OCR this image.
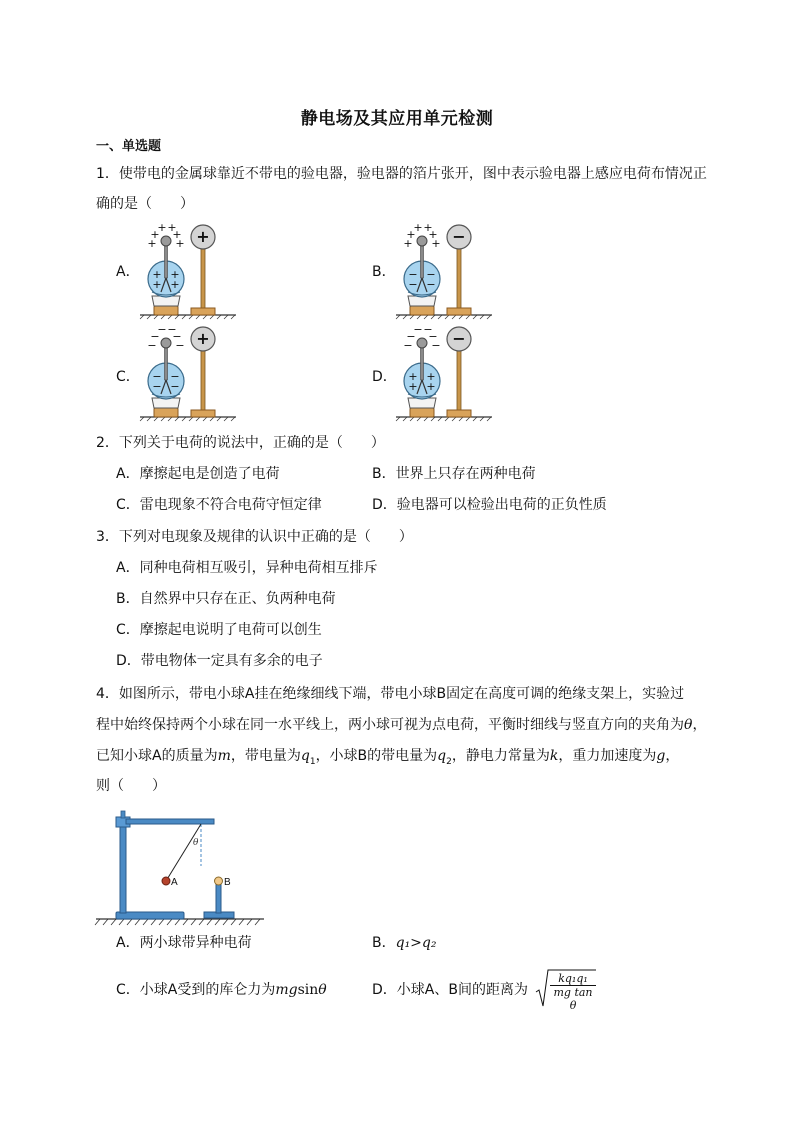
静电场及其应用单元检测
一、单选题
1．使带电的金属球靠近不带电的验电器，验电器的箔片张开，图中表示验电器上感应电荷布情况正
确的是（　　）
A．	B．
C．	D．
+ +
+ +
+ +
+ +
+ +
+	+ +
+ +
+ +
− −
− −
−
− −
− −
− −
− −
− −
+	− −
− −
− −
+ +
+ +
−
2．下列关于电荷的说法中，正确的是（　　）
A．摩擦起电是创造了电荷	B．世界上只存在两种电荷
C．雷电现象不符合电荷守恒定律	D．验电器可以检验出电荷的正负性质
3．下列对电现象及规律的认识中正确的是（　　）
A．同种电荷相互吸引，异种电荷相互排斥
B．自然界中只存在正、负两种电荷
C．摩擦起电说明了电荷可以创生
D．带电物体一定具有多余的电子
4．如图所示，带电小球A挂在绝缘细线下端，带电小球B固定在高度可调的绝缘支架上，实验过
程中始终保持两个小球在同一水平线上，两小球可视为点电荷，平衡时细线与竖直方向的夹角为θ，
已知小球A的质量为m，带电量为$q_1$，小球B的带电量为$q_2$，静电力常量为k，重力加速度为g，
则（　　）
θ
A	B
A．两小球带异种电荷	B．q₁>q₂
C．小球A受到的库仑力为mgsinθ	D．小球A、B间的距离为 $\frac{\text{kq₁q₁}}{\text{mg tan θ}}$
